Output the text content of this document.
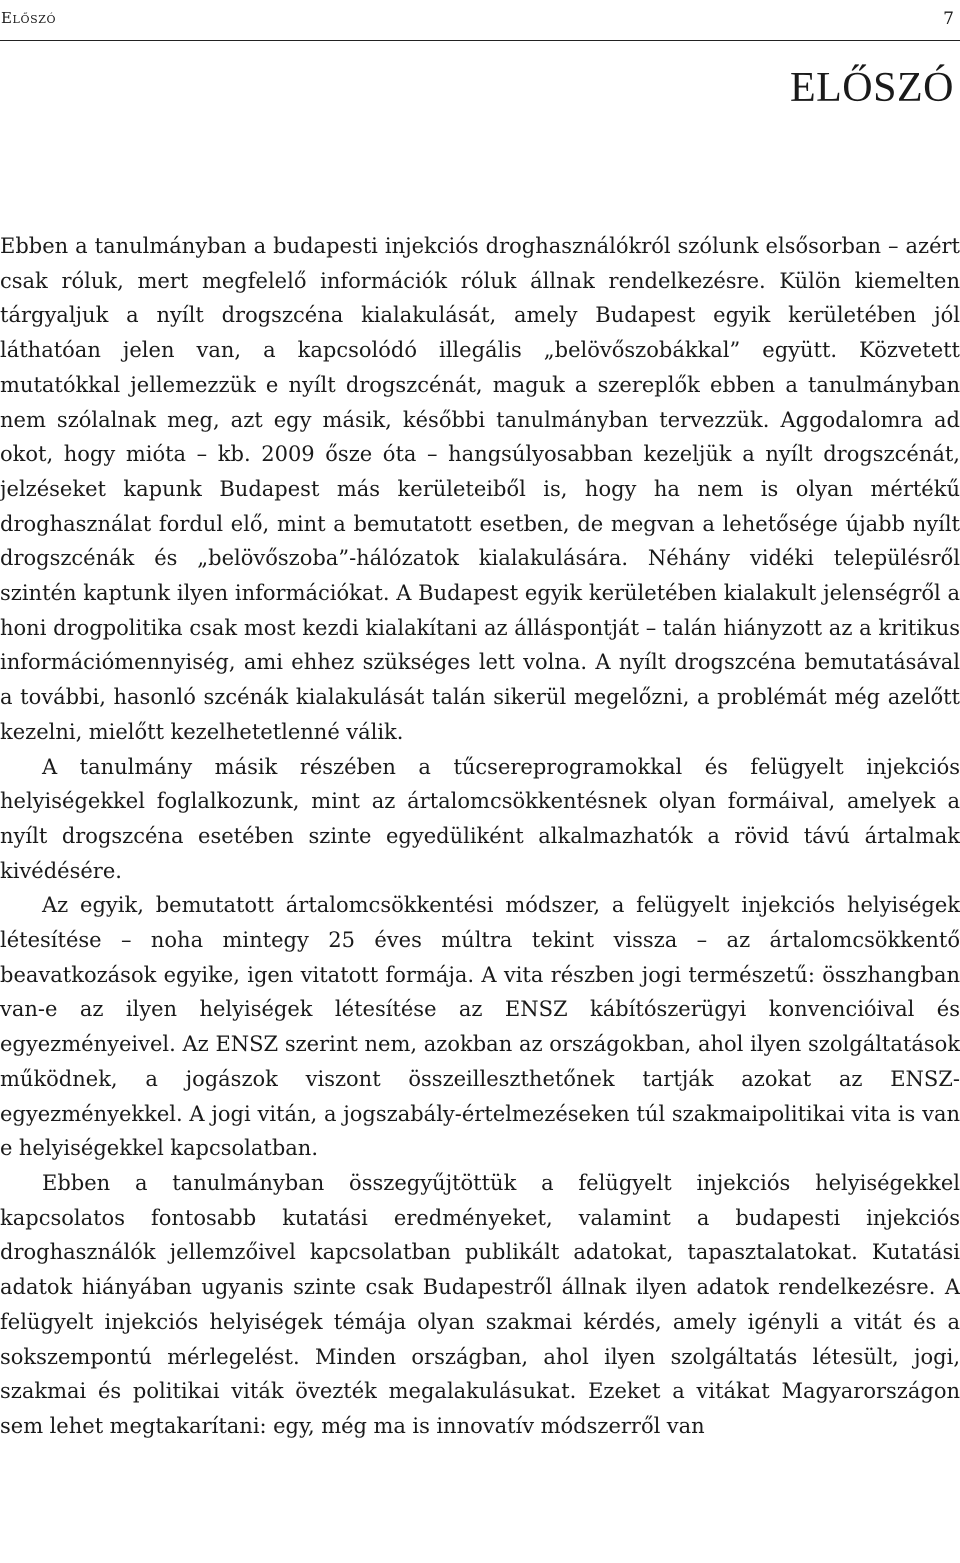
Előszó	7
ELŐSZÓ

Ebben a tanulmányban a budapesti injekciós droghasználókról szólunk elsősorban – azért csak róluk, mert megfelelő információk róluk állnak rendelkezésre. Külön kiemelten tárgyaljuk a nyílt drogszcéna kialakulását, amely Budapest egyik kerületében jól láthatóan jelen van, a kapcsolódó illegális „belövőszobákkal” együtt. Közvetett mutatókkal jellemezzük e nyílt drogszcénát, maguk a szereplők ebben a tanulmányban nem szólalnak meg, azt egy másik, későbbi tanulmányban tervezzük. Aggodalomra ad okot, hogy mióta – kb. 2009 ősze óta – hangsúlyosabban kezeljük a nyílt drogszcénát, jelzéseket kapunk Budapest más kerületeiből is, hogy ha nem is olyan mértékű droghasználat fordul elő, mint a bemutatott esetben, de megvan a lehetősége újabb nyílt drogszcénák és „belövőszoba”-hálózatok kialakulására. Néhány vidéki településről szintén kaptunk ilyen információkat. A Budapest egyik kerületében kialakult jelenségről a honi drogpolitika csak most kezdi kialakítani az álláspontját – talán hiányzott az a kritikus információmennyiség, ami ehhez szükséges lett volna. A nyílt drogszcéna bemutatásával a további, hasonló szcénák kialakulását talán sikerül megelőzni, a problémát még azelőtt kezelni, mielőtt kezelhetetlenné válik.

A tanulmány másik részében a tűcsereprogramokkal és felügyelt injekciós helyiségekkel foglalkozunk, mint az ártalomcsökkentésnek olyan formáival, amelyek a nyílt drogszcéna esetében szinte egyedüliként alkalmazhatók a rövid távú ártalmak kivédésére.

Az egyik, bemutatott ártalomcsökkentési módszer, a felügyelt injekciós helyiségek létesítése – noha mintegy 25 éves múltra tekint vissza – az ártalomcsökkentő beavatkozások egyike, igen vitatott formája. A vita részben jogi természetű: összhangban van-e az ilyen helyiségek létesítése az ENSZ kábítószerügyi konvencióival és egyezményeivel. Az ENSZ szerint nem, azokban az országokban, ahol ilyen szolgáltatások működnek, a jogászok viszont összeilleszthetőnek tartják azokat az ENSZ-egyezményekkel. A jogi vitán, a jogszabály-értelmezéseken túl szakmaipolitikai vita is van e helyiségekkel kapcsolatban.

Ebben a tanulmányban összegyűjtöttük a felügyelt injekciós helyiségekkel kapcsolatos fontosabb kutatási eredményeket, valamint a budapesti injekciós droghasználók jellemzőivel kapcsolatban publikált adatokat, tapasztalatokat. Kutatási adatok hiányában ugyanis szinte csak Budapestről állnak ilyen adatok rendelkezésre. A felügyelt injekciós helyiségek témája olyan szakmai kérdés, amely igényli a vitát és a sokszempontú mérlegelést. Minden országban, ahol ilyen szolgáltatás létesült, jogi, szakmai és politikai viták övezték megalakulásukat. Ezeket a vitákat Magyarországon sem lehet megtakarítani: egy, még ma is innovatív módszerről van
